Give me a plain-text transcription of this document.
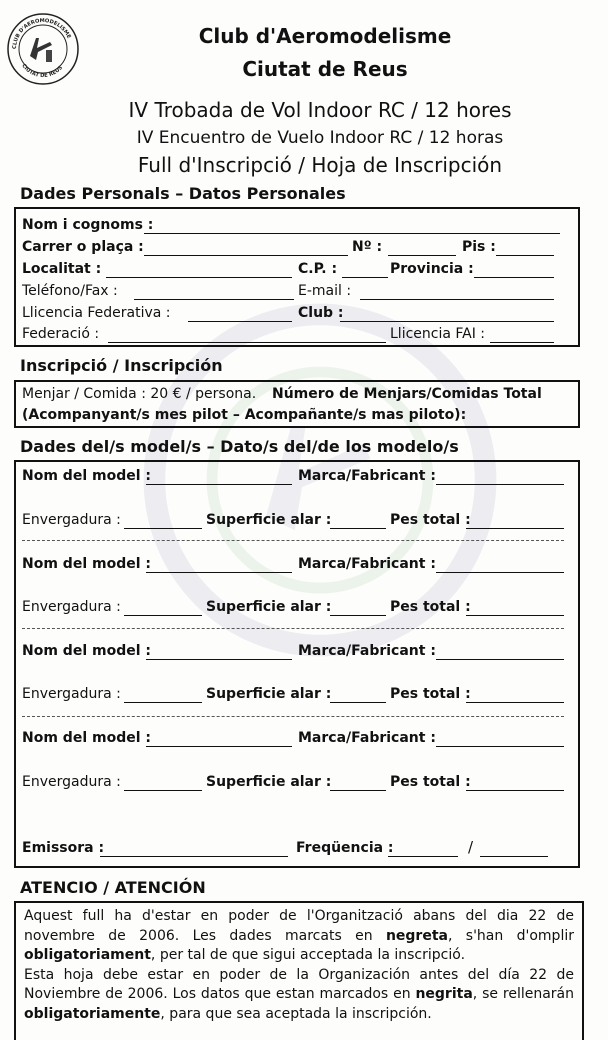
CLUB D'AEROMODELISME
CIUTAT DE REUS
Club d'Aeromodelisme
Ciutat de Reus
IV Trobada de Vol Indoor RC / 12 hores
IV Encuentro de Vuelo Indoor RC / 12 horas
Full d'Inscripció / Hoja de Inscripción
Dades Personals – Datos Personales
Nom i cognoms :
Carrer o plaça :	Nº :	Pis :
Localitat :	C.P. :	Provincia :
Teléfono/Fax :	E-mail :
Llicencia Federativa :	Club :
Federació :	Llicencia FAI :
Inscripció / Inscripción
Menjar / Comida : 20 € / persona. Número de Menjars/Comidas Total
(Acompanyant/s mes pilot – Acompañante/s mas piloto):
Dades del/s model/s – Dato/s del/de los modelo/s
Nom del model :	Marca/Fabricant :
Envergadura :	Superficie alar :	Pes total :
Nom del model :	Marca/Fabricant :
Envergadura :	Superficie alar :	Pes total :
Nom del model :	Marca/Fabricant :
Envergadura :	Superficie alar :	Pes total :
Nom del model :	Marca/Fabricant :
Envergadura :	Superficie alar :	Pes total :
Emissora :	Freqüencia :	/
ATENCIO / ATENCIÓN

Aquest full ha d'estar en poder de l'Organització abans del dia 22 de novembre de 2006. Les dades marcats en negreta, s'han d'omplir obligatoriament, per tal de que sigui acceptada la inscripció.

Esta hoja debe estar en poder de la Organización antes del día 22 de Noviembre de 2006. Los datos que estan marcados en negrita, se rellenarán obligatoriamente, para que sea aceptada la inscripción.
